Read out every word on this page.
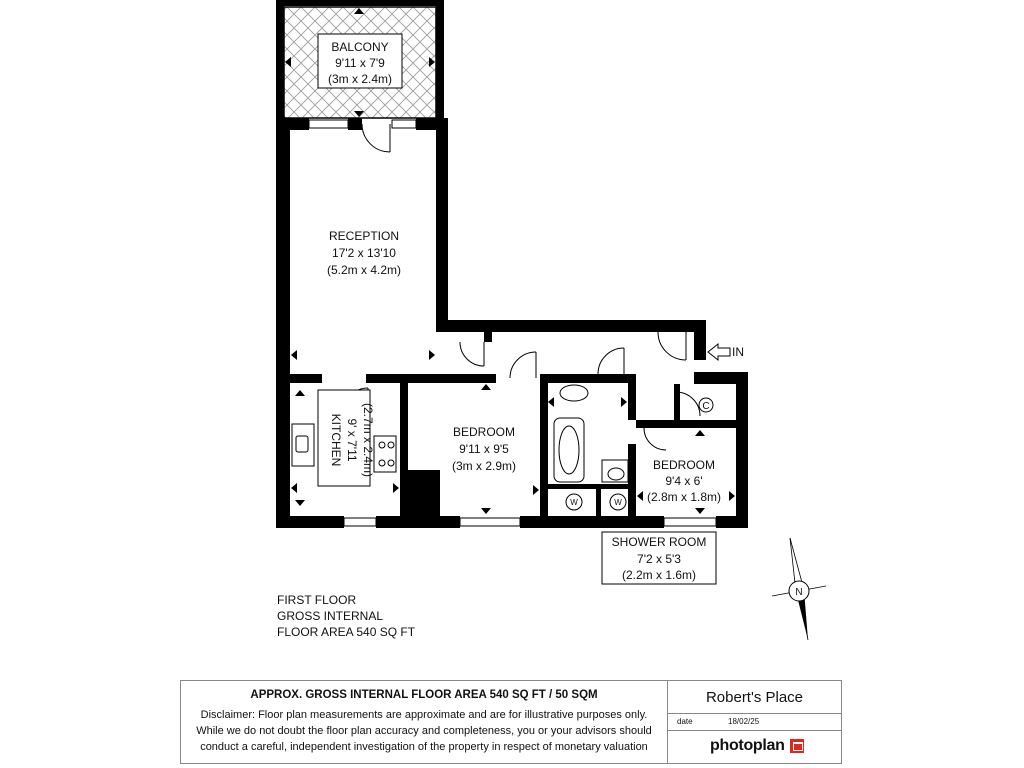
BALCONY
9'11 x 7'9
(3m x 2.4m)
RECEPTION
17'2 x 13'10
(5.2m x 4.2m)
KITCHEN 9' x 7'11 (2.7m x 2.4m)	BEDROOM
9'11 x 9'5
(3m x 2.9m)	BEDROOM
9'4 x 6'
(2.8m x 1.8m)
SHOWER ROOM
7'2 x 5'3
(2.2m x 1.6m)
IN
C
W	W
N
FIRST FLOOR
GROSS INTERNAL
FLOOR AREA 540 SQ FT
APPROX. GROSS INTERNAL FLOOR AREA 540 SQ FT / 50 SQM
Disclaimer: Floor plan measurements are approximate and are for illustrative purposes only.
While we do not doubt the floor plan accuracy and completeness, you or your advisors should
conduct a careful, independent investigation of the property in respect of monetary valuation
Robert's Place
date	18/02/25
photoplan
